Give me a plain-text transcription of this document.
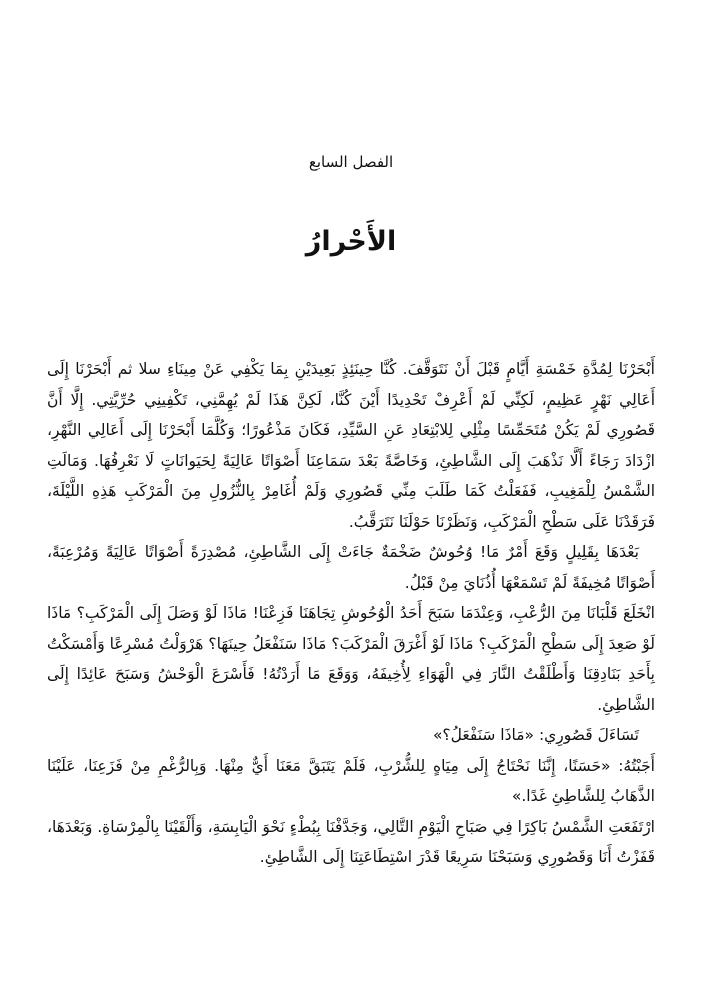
الفصل السابع
الأَحْرارُ

أَبْحَرْنَا لِمُدَّةِ خَمْسَةِ أَيَّامٍ قَبْلَ أَنْ نَتَوَقَّفَ. كُنَّا حِينَئِذٍ بَعِيدَيْنِ بِمَا يَكْفِي عَنْ مِينَاءِ سلا ثم أَبْحَرْنَا إِلَى أَعَالِي نَهْرٍ عَظِيمٍ، لَكِنِّي لَمْ أَعْرِفْ تَحْدِيدًا أَيْنَ كُنَّا، لَكِنَّ هَذَا لَمْ يُهِمَّنِي، تَكْفِينِي حُرِّيَّتِي. إِلَّا أَنَّ قَصُورِي لَمْ يَكُنْ مُتَحَمِّسًا مِثْلِي لِلابْتِعَادِ عَنِ السَّيِّدِ، فَكَانَ مَذْعُورًا؛ وَكُلَّمَا أَبْحَرْنَا إِلَى أَعَالِي النَّهْرِ، ازْدَادَ رَجَاءً أَلَّا نَذْهَبَ إِلَى الشَّاطِئِ، وَخَاصَّةً بَعْدَ سَمَاعِنَا أَصْوَاتًا عَالِيَةً لِحَيَوانَاتٍ لَا نَعْرِفُهَا. وَمَالَتِ الشَّمْسُ لِلْمَغِيبِ، فَفَعَلْتُ كَمَا طَلَبَ مِنِّي قَصُورِي وَلَمْ أُغَامِرْ بِالنُّزُولِ مِنَ الْمَرْكَبِ هَذِهِ اللَّيْلَةَ، فَرَقَدْنَا عَلَى سَطْحِ الْمَرْكَبِ، وَنَظَرْنَا حَوْلَنَا نَتَرَقَّبُ.

بَعْدَهَا بِقَلِيلٍ وَقَعَ أَمْرٌ مَا! وُحُوشٌ ضَخْمَةٌ جَاءَتْ إِلَى الشَّاطِئِ، مُصْدِرَةً أَصْوَاتًا عَالِيَةً وَمُرْعِبَةً، أَصْوَاتًا مُخِيفَةً لَمْ تَسْمَعْهَا أُذُنَايَ مِنْ قَبْلُ.

انْخَلَعَ قَلْبَانَا مِنَ الرُّعْبِ، وَعِنْدَمَا سَبَحَ أَحَدُ الْوُحُوشِ تِجَاهَنَا فَزِعْنَا! مَاذَا لَوْ وَصَلَ إِلَى الْمَرْكَبِ؟ مَاذَا لَوْ صَعِدَ إِلَى سَطْحِ الْمَرْكَبِ؟ مَاذَا لَوْ أَغْرَقَ الْمَرْكَبَ؟ مَاذَا سَنَفْعَلُ حِينَهَا؟ هَرْوَلْتُ مُسْرِعًا وَأَمْسَكْتُ بِأَحَدِ بَنَادِقِنَا وَأَطْلَقْتُ النَّارَ فِي الْهَوَاءِ لِأُخِيفَهُ، وَوَقَعَ مَا أَرَدْتُهُ! فَأَسْرَعَ الْوَحْشُ وَسَبَحَ عَائِدًا إِلَى الشَّاطِئِ.

تَسَاءَلَ قَصُورِي: «مَاذَا سَنَفْعَلُ؟»

أَجَبْتُهُ: «حَسَنًا، إِنَّنَا نَحْتَاجُ إِلَى مِيَاهٍ لِلشُّرْبِ، فَلَمْ يَتَبَقَّ مَعَنَا أَيٌّ مِنْهَا. وَبِالرُّغْمِ مِنْ فَزَعِنَا، عَلَيْنَا الذَّهَابُ لِلشَّاطِئِ غَدًا.»

ارْتَفَعَتِ الشَّمْسُ بَاكِرًا فِي صَبَاحِ الْيَوْمِ التَّالِي، وَجَدَّفْنَا بِبُطْءٍ نَحْوَ الْيَابِسَةِ، وَأَلْقَيْنَا بِالْمِرْسَاةِ. وَبَعْدَهَا، قَفَزْتُ أَنَا وَقَصُورِي وَسَبَحْنَا سَرِيعًا قَدْرَ اسْتِطَاعَتِنَا إِلَى الشَّاطِئِ.
